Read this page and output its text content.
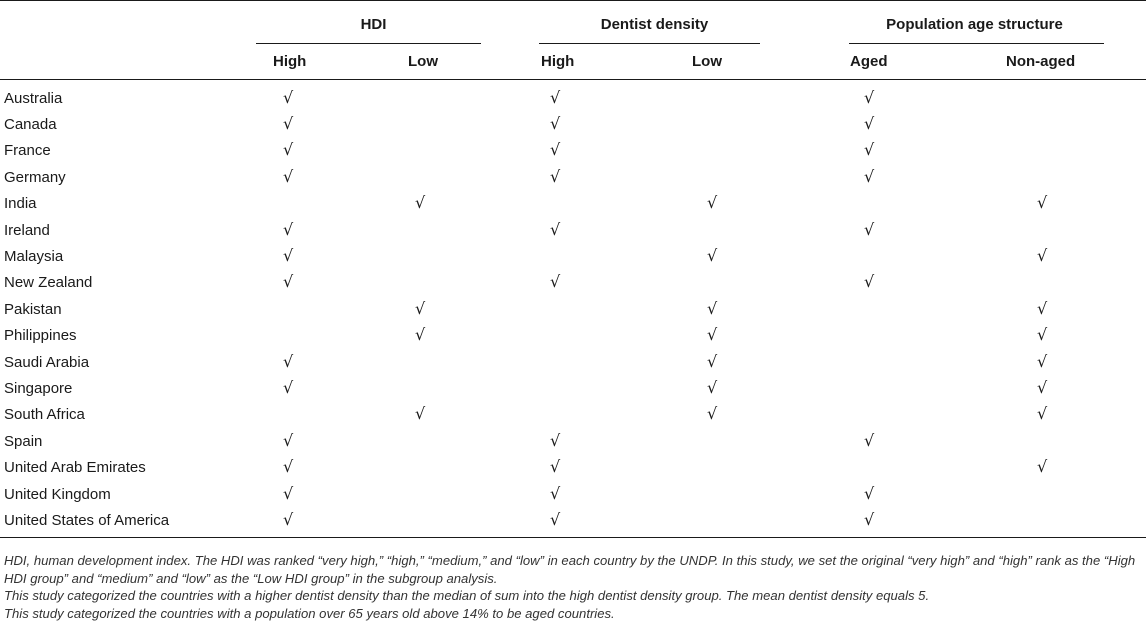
	HDI		Dentist density		Population age structure	

	High	Low	High	Low	Aged	Non-aged
Australia	√		√		√	
Canada	√		√		√	
France	√		√		√	
Germany	√		√		√	
India		√		√		√
Ireland	√		√		√	
Malaysia	√			√		√
New Zealand	√		√		√	
Pakistan		√		√		√
Philippines		√		√		√
Saudi Arabia	√			√		√
Singapore	√			√		√
South Africa		√		√		√
Spain	√		√		√	
United Arab Emirates	√		√			√
United Kingdom	√		√		√	
United States of America	√		√		√	

HDI, human development index. The HDI was ranked “very high,” “high,” “medium,” and “low” in each country by the UNDP. In this study, we set the original “very high” and “high” rank as the “High HDI group” and “medium” and “low” as the “Low HDI group” in the subgroup analysis.

This study categorized the countries with a higher dentist density than the median of sum into the high dentist density group. The mean dentist density equals 5.

This study categorized the countries with a population over 65 years old above 14% to be aged countries.
